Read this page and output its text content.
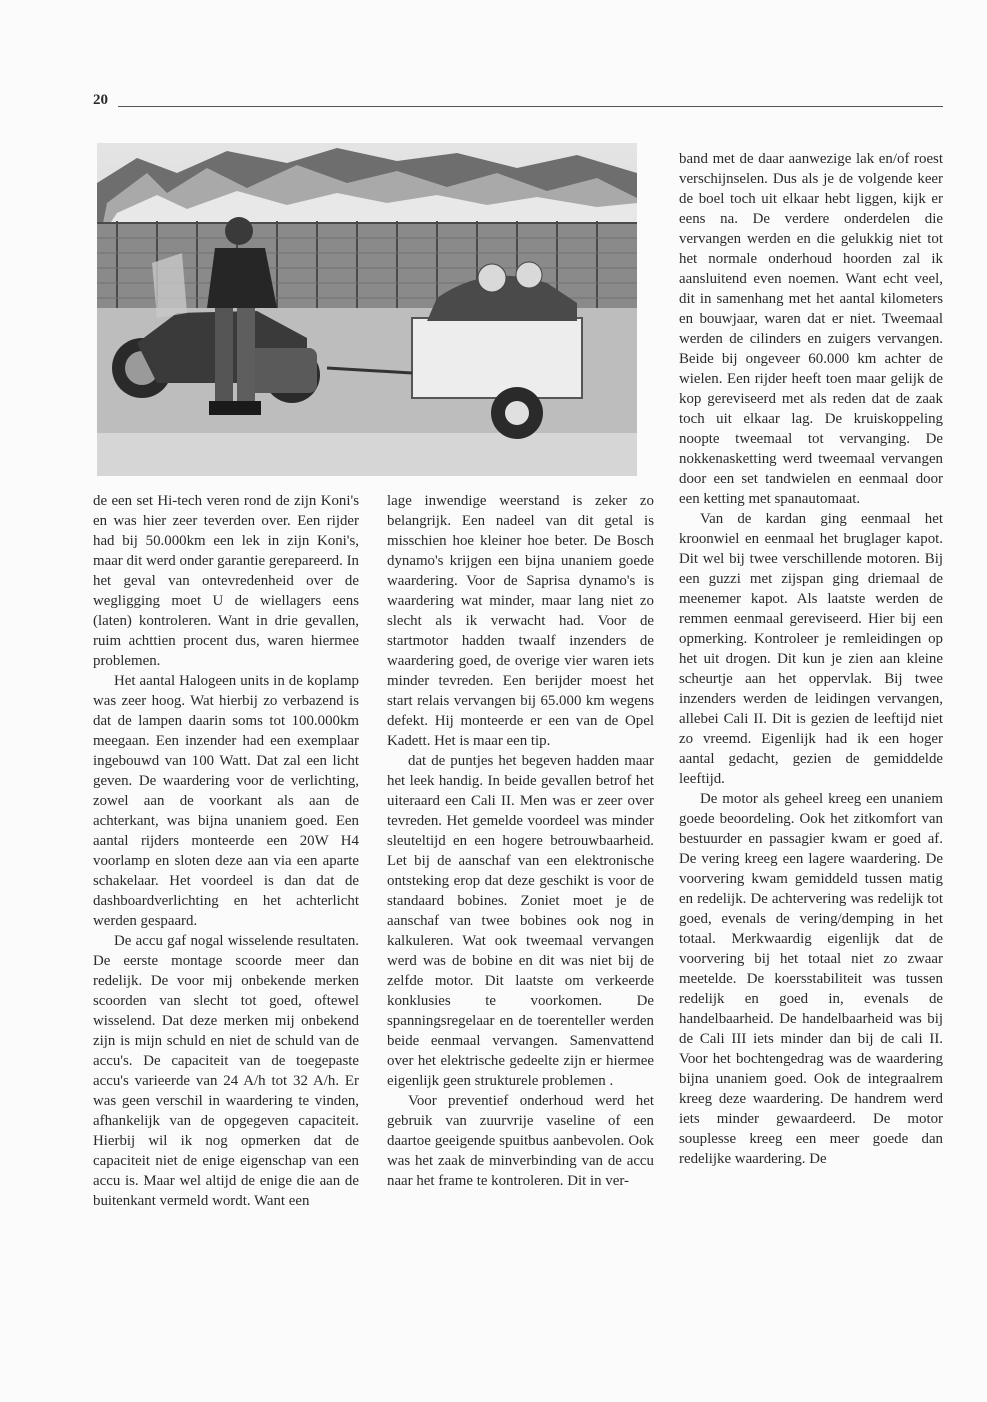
20

de een set Hi-tech veren rond de zijn Koni's en was hier zeer teverden over. Een rijder had bij 50.000km een lek in zijn Koni's, maar dit werd onder garantie gerepareerd. In het geval van ontevredenheid over de wegligging moet U de wiellagers eens (laten) kontroleren. Want in drie gevallen, ruim achttien procent dus, waren hiermee problemen.

Het aantal Halogeen units in de koplamp was zeer hoog. Wat hierbij zo verbazend is dat de lampen daarin soms tot 100.000km meegaan. Een inzender had een exemplaar ingebouwd van 100 Watt. Dat zal een licht geven. De waardering voor de verlichting, zowel aan de voorkant als aan de achterkant, was bijna unaniem goed. Een aantal rijders monteerde een 20W H4 voorlamp en sloten deze aan via een aparte schakelaar. Het voordeel is dan dat de dashboardverlichting en het achterlicht werden gespaard.

De accu gaf nogal wisselende resultaten. De eerste montage scoorde meer dan redelijk. De voor mij onbekende merken scoorden van slecht tot goed, oftewel wisselend. Dat deze merken mij onbekend zijn is mijn schuld en niet de schuld van de accu's. De capaciteit van de toegepaste accu's varieerde van 24 A/h tot 32 A/h. Er was geen verschil in waardering te vinden, afhankelijk van de opgegeven capaciteit. Hierbij wil ik nog opmerken dat de capaciteit niet de enige eigenschap van een accu is. Maar wel altijd de enige die aan de buitenkant vermeld wordt. Want een

lage inwendige weerstand is zeker zo belangrijk. Een nadeel van dit getal is misschien hoe kleiner hoe beter. De Bosch dynamo's krijgen een bijna unaniem goede waardering. Voor de Saprisa dynamo's is waardering wat minder, maar lang niet zo slecht als ik verwacht had. Voor de startmotor hadden twaalf inzenders de waardering goed, de overige vier waren iets minder tevreden. Een berijder moest het start relais vervangen bij 65.000 km wegens defekt. Hij monteerde er een van de Opel Kadett. Het is maar een tip.

dat de puntjes het begeven hadden maar het leek handig. In beide gevallen betrof het uiteraard een Cali II. Men was er zeer over tevreden. Het gemelde voordeel was minder sleuteltijd en een hogere betrouwbaarheid. Let bij de aanschaf van een elektronische ontsteking erop dat deze geschikt is voor de standaard bobines. Zoniet moet je de aanschaf van twee bobines ook nog in kalkuleren. Wat ook tweemaal vervangen werd was de bobine en dit was niet bij de zelfde motor. Dit laatste om verkeerde konklusies te voorkomen. De spanningsregelaar en de toerenteller werden beide eenmaal vervangen. Samenvattend over het elektrische gedeelte zijn er hiermee eigenlijk geen strukturele problemen .

Voor preventief onderhoud werd het gebruik van zuurvrije vaseline of een daartoe geeigende spuitbus aanbevolen. Ook was het zaak de minverbinding van de accu naar het frame te kontroleren. Dit in ver-

band met de daar aanwezige lak en/of roest verschijnselen. Dus als je de volgende keer de boel toch uit elkaar hebt liggen, kijk er eens na. De verdere onderdelen die vervangen werden en die gelukkig niet tot het normale onderhoud hoorden zal ik aansluitend even noemen. Want echt veel, dit in samenhang met het aantal kilometers en bouwjaar, waren dat er niet. Tweemaal werden de cilinders en zuigers vervangen. Beide bij ongeveer 60.000 km achter de wielen. Een rijder heeft toen maar gelijk de kop gereviseerd met als reden dat de zaak toch uit elkaar lag. De kruiskoppeling noopte tweemaal tot vervanging. De nokkenasketting werd tweemaal vervangen door een set tandwielen en eenmaal door een ketting met spanautomaat.

Van de kardan ging eenmaal het kroonwiel en eenmaal het bruglager kapot. Dit wel bij twee verschillende motoren. Bij een guzzi met zijspan ging driemaal de meenemer kapot. Als laatste werden de remmen eenmaal gereviseerd. Hier bij een opmerking. Kontroleer je remleidingen op het uit drogen. Dit kun je zien aan kleine scheurtje aan het oppervlak. Bij twee inzenders werden de leidingen vervangen, allebei Cali II. Dit is gezien de leeftijd niet zo vreemd. Eigenlijk had ik een hoger aantal gedacht, gezien de gemiddelde leeftijd.

De motor als geheel kreeg een unaniem goede beoordeling. Ook het zitkomfort van bestuurder en passagier kwam er goed af. De vering kreeg een lagere waardering. De voorvering kwam gemiddeld tussen matig en redelijk. De achtervering was redelijk tot goed, evenals de vering/demping in het totaal. Merkwaardig eigenlijk dat de voorvering bij het totaal niet zo zwaar meetelde. De koersstabiliteit was tussen redelijk en goed in, evenals de handelbaarheid. De handelbaarheid was bij de Cali III iets minder dan bij de cali II. Voor het bochtengedrag was de waardering bijna unaniem goed. Ook de integraalrem kreeg deze waardering. De handrem werd iets minder gewaardeerd. De motor souplesse kreeg een meer goede dan redelijke waardering. De
